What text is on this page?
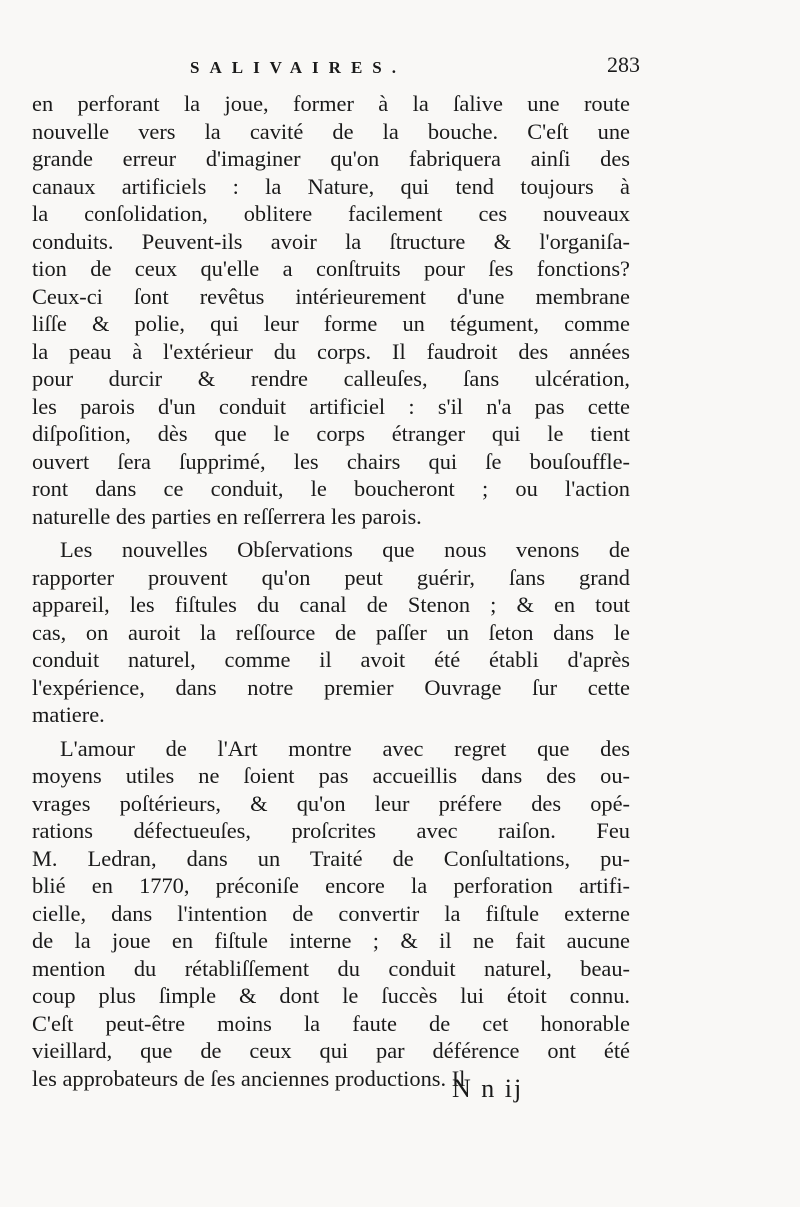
SALIVAIRES.	283
en perforant la joue, former à la ſalive une route
nouvelle vers la cavité de la bouche. C'eſt une
grande erreur d'imaginer qu'on fabriquera ainſi des
canaux artificiels : la Nature, qui tend toujours à
la conſolidation, oblitere facilement ces nouveaux
conduits. Peuvent-ils avoir la ſtructure & l'organiſa-
tion de ceux qu'elle a conſtruits pour ſes fonctions?
Ceux-ci ſont revêtus intérieurement d'une membrane
liſſe & polie, qui leur forme un tégument, comme
la peau à l'extérieur du corps. Il faudroit des années
pour durcir & rendre calleuſes, ſans ulcération,
les parois d'un conduit artificiel : s'il n'a pas cette
diſpoſition, dès que le corps étranger qui le tient
ouvert ſera ſupprimé, les chairs qui ſe bouſouffle-
ront dans ce conduit, le boucheront ; ou l'action
naturelle des parties en reſſerrera les parois.
Les nouvelles Obſervations que nous venons de
rapporter prouvent qu'on peut guérir, ſans grand
appareil, les fiſtules du canal de Stenon ; & en tout
cas, on auroit la reſſource de paſſer un ſeton dans le
conduit naturel, comme il avoit été établi d'après
l'expérience, dans notre premier Ouvrage ſur cette
matiere.
L'amour de l'Art montre avec regret que des
moyens utiles ne ſoient pas accueillis dans des ou-
vrages poſtérieurs, & qu'on leur préfere des opé-
rations défectueuſes, proſcrites avec raiſon. Feu
M. Ledran, dans un Traité de Conſultations, pu-
blié en 1770, préconiſe encore la perforation artifi-
cielle, dans l'intention de convertir la fiſtule externe
de la joue en fiſtule interne ; & il ne fait aucune
mention du rétabliſſement du conduit naturel, beau-
coup plus ſimple & dont le ſuccès lui étoit connu.
C'eſt peut-être moins la faute de cet honorable
vieillard, que de ceux qui par déférence ont été
les approbateurs de ſes anciennes productions. Il
N n ij
